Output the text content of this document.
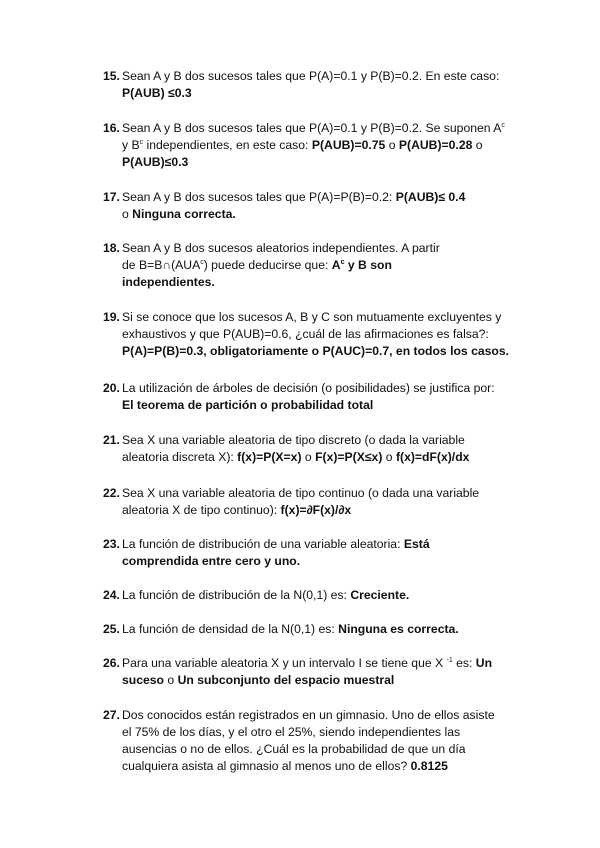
15. Sean A y B dos sucesos tales que P(A)=0.1 y P(B)=0.2. En este caso:
P(AUB) ≤0.3
16. Sean A y B dos sucesos tales que P(A)=0.1 y P(B)=0.2. Se suponen $A^c$
y $B^c$ independientes, en este caso: P(AUB)=0.75 o P(AUB)=0.28 o
P(AUB)≤0.3
17. Sean A y B dos sucesos tales que P(A)=P(B)=0.2: P(AUB)≤ 0.4
o Ninguna correcta.
18. Sean A y B dos sucesos aleatorios independientes. A partir
de $B=B\cap(AUA^c)$ puede deducirse que: $A^c$ y B son
independientes.
19. Si se conoce que los sucesos A, B y C son mutuamente excluyentes y
exhaustivos y que P(AUB)=0.6, ¿cuál de las afirmaciones es falsa?:
P(A)=P(B)=0.3, obligatoriamente o P(AUC)=0.7, en todos los casos.
20. La utilización de árboles de decisión (o posibilidades) se justifica por:
El teorema de partición o probabilidad total
21. Sea X una variable aleatoria de tipo discreto (o dada la variable
aleatoria discreta X): f(x)=P(X=x) o F(x)=P(X≤x) o f(x)=dF(x)/dx
22. Sea X una variable aleatoria de tipo continuo (o dada una variable
aleatoria X de tipo continuo): f(x)=∂F(x)/∂x
23. La función de distribución de una variable aleatoria: Está
comprendida entre cero y uno.
24. La función de distribución de la N(0,1) es: Creciente.
25. La función de densidad de la N(0,1) es: Ninguna es correcta.
26. Para una variable aleatoria X y un intervalo I se tiene que X $^{-1}$ es: Un
suceso o Un subconjunto del espacio muestral
27. Dos conocidos están registrados en un gimnasio. Uno de ellos asiste
el 75% de los días, y el otro el 25%, siendo independientes las
ausencias o no de ellos. ¿Cuál es la probabilidad de que un día
cualquiera asista al gimnasio al menos uno de ellos? 0.8125
